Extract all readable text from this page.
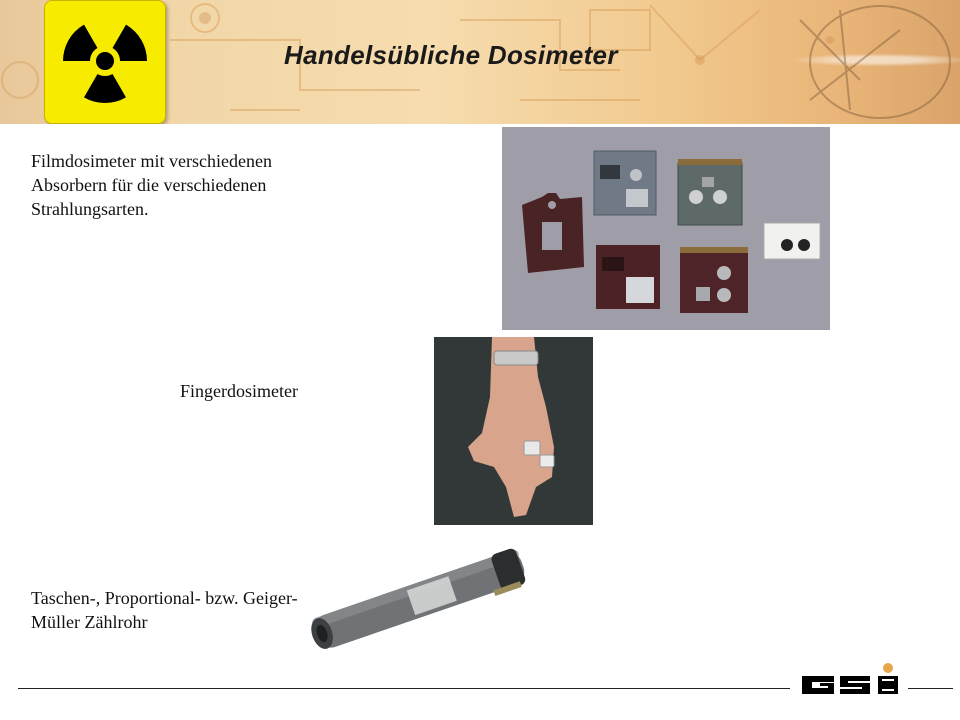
Handelsübliche Dosimeter

Filmdosimeter mit verschiedenen Absorbern für die verschiedenen Strahlungsarten.

Fingerdosimeter

Taschen-, Proportional- bzw. Geiger-Müller Zählrohr
